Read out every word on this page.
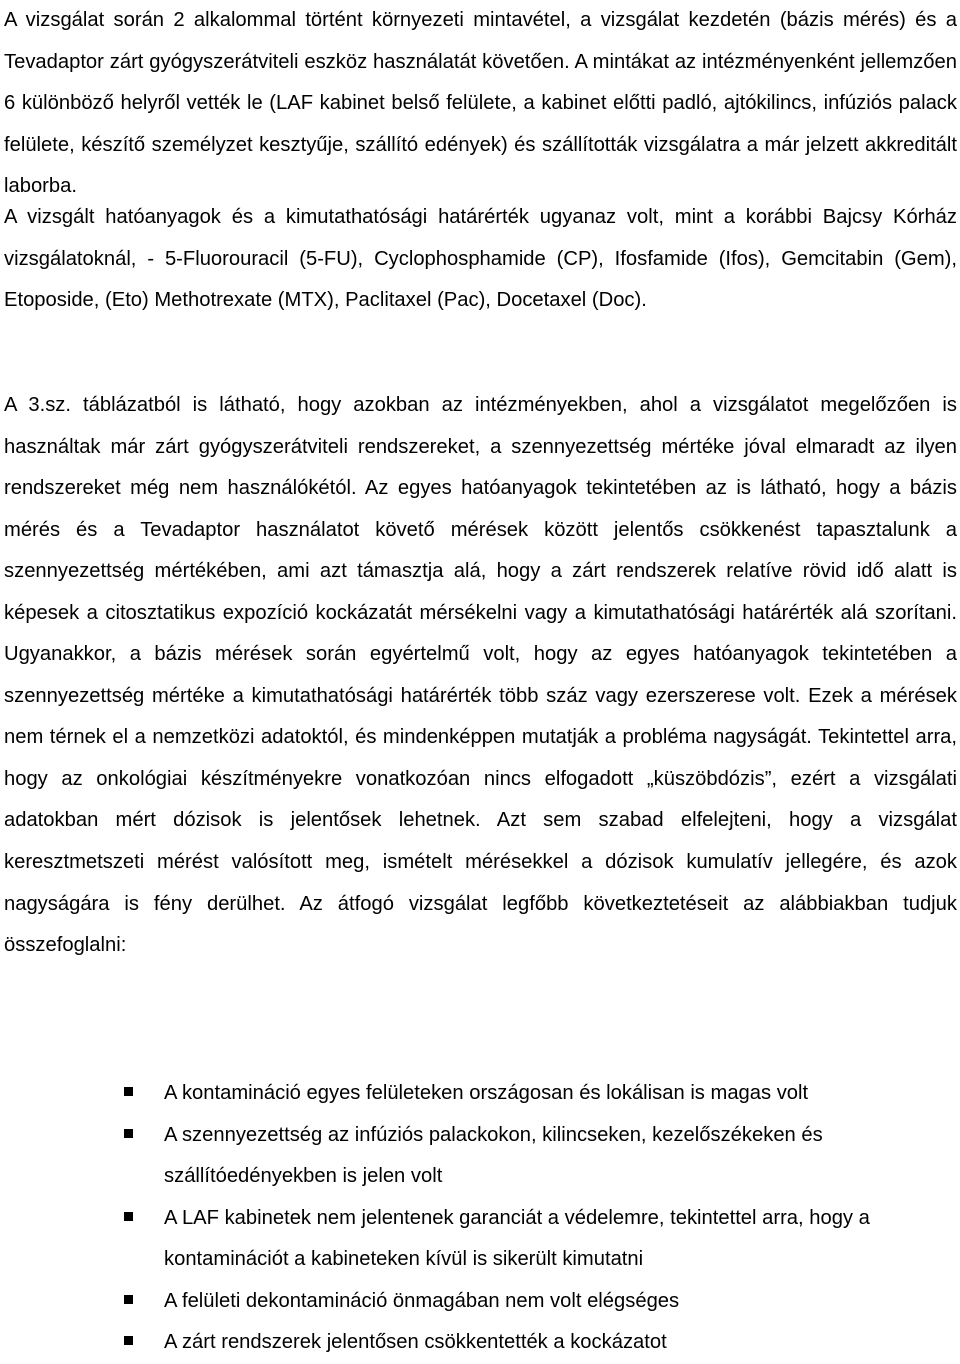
A vizsgálat során 2 alkalommal történt környezeti mintavétel, a vizsgálat kezdetén (bázis mérés) és a Tevadaptor zárt gyógyszerátviteli eszköz használatát követően. A mintákat az intézményenként jellemzően 6 különböző helyről vették le (LAF kabinet belső felülete, a kabinet előtti padló, ajtókilincs, infúziós palack felülete, készítő személyzet kesztyűje, szállító edények) és szállították vizsgálatra a már jelzett akkreditált laborba.

A vizsgált hatóanyagok és a kimutathatósági határérték ugyanaz volt, mint a korábbi Bajcsy Kórház vizsgálatoknál, - 5-Fluorouracil (5-FU), Cyclophosphamide (CP), Ifosfamide (Ifos), Gemcitabin (Gem), Etoposide, (Eto) Methotrexate (MTX), Paclitaxel (Pac), Docetaxel (Doc).

A 3.sz. táblázatból is látható, hogy azokban az intézményekben, ahol a vizsgálatot megelőzően is használtak már zárt gyógyszerátviteli rendszereket, a szennyezettség mértéke jóval elmaradt az ilyen rendszereket még nem használókétól. Az egyes hatóanyagok tekintetében az is látható, hogy a bázis mérés és a Tevadaptor használatot követő mérések között jelentős csökkenést tapasztalunk a szennyezettség mértékében, ami azt támasztja alá, hogy a zárt rendszerek relatíve rövid idő alatt is képesek a citosztatikus expozíció kockázatát mérsékelni vagy a kimutathatósági határérték alá szorítani. Ugyanakkor, a bázis mérések során egyértelmű volt, hogy az egyes hatóanyagok tekintetében a szennyezettség mértéke a kimutathatósági határérték több száz vagy ezerszerese volt. Ezek a mérések nem térnek el a nemzetközi adatoktól, és mindenképpen mutatják a probléma nagyságát. Tekintettel arra, hogy az onkológiai készítményekre vonatkozóan nincs elfogadott „küszöbdózis”, ezért a vizsgálati adatokban mért dózisok is jelentősek lehetnek. Azt sem szabad elfelejteni, hogy a vizsgálat keresztmetszeti mérést valósított meg, ismételt mérésekkel a dózisok kumulatív jellegére, és azok nagyságára is fény derülhet. Az átfogó vizsgálat legfőbb következtetéseit az alábbiakban tudjuk összefoglalni:

A kontamináció egyes felületeken országosan és lokálisan is magas volt
A szennyezettség az infúziós palackokon, kilincseken, kezelőszékeken és szállítóedényekben is jelen volt
A LAF kabinetek nem jelentenek garanciát a védelemre, tekintettel arra, hogy a kontaminációt a kabineteken kívül is sikerült kimutatni
A felületi dekontamináció önmagában nem volt elégséges
A zárt rendszerek jelentősen csökkentették a kockázatot
